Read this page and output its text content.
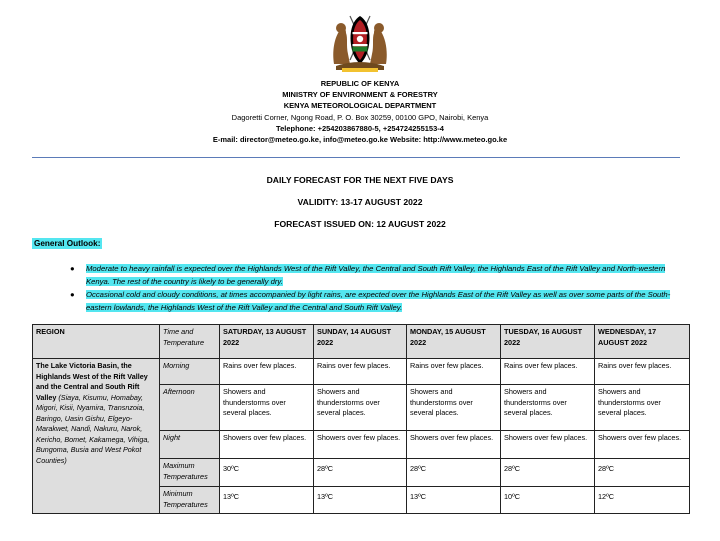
REPUBLIC OF KENYA
MINISTRY OF ENVIRONMENT & FORESTRY
KENYA METEOROLOGICAL DEPARTMENT
Dagoretti Corner, Ngong Road, P. O. Box 30259, 00100 GPO, Nairobi, Kenya
Telephone: +254203867880-5, +254724255153-4
E-mail: director@meteo.go.ke, info@meteo.go.ke Website: http://www.meteo.go.ke
DAILY FORECAST FOR THE NEXT FIVE DAYS
VALIDITY: 13-17 AUGUST 2022
FORECAST ISSUED ON: 12 AUGUST 2022
General Outlook:
● Moderate to heavy rainfall is expected over the Highlands West of the Rift Valley, the Central and South Rift Valley, the Highlands East of the Rift Valley and North-western Kenya. The rest of the country is likely to be generally dry.
● Occasional cold and cloudy conditions, at times accompanied by light rains, are expected over the Highlands East of the Rift Valley as well as over some parts of the South-eastern lowlands, the Highlands West of the Rift Valley and the Central and South Rift Valley.
REGION	Time and Temperature	SATURDAY, 13 AUGUST 2022	SUNDAY, 14 AUGUST 2022	MONDAY, 15 AUGUST 2022	TUESDAY, 16 AUGUST 2022	WEDNESDAY, 17 AUGUST 2022
The Lake Victoria Basin, the Highlands West of the Rift Valley and the Central and South Rift Valley (Siaya, Kisumu, Homabay, Migori, Kisii, Nyamira, Transnzoia, Baringo, Uasin Gishu, Elgeyo-Marakwet, Nandi, Nakuru, Narok, Kericho, Bomet, Kakamega, Vihiga, Bungoma, Busia and West Pokot Counties)	Morning	Rains over few places.	Rains over few places.	Rains over few places.	Rains over few places.	Rains over few places.
	Afternoon	Showers and thunderstorms over several places.	Showers and thunderstorms over several places.	Showers and thunderstorms over several places.	Showers and thunderstorms over several places.	Showers and thunderstorms over several places.
	Night	Showers over few places.	Showers over few places.	Showers over few places.	Showers over few places.	Showers over few places.
	Maximum Temperatures	30ºC	28ºC	28ºC	28ºC	28ºC
	Minimum Temperatures	13ºC	13ºC	13ºC	10ºC	12ºC
